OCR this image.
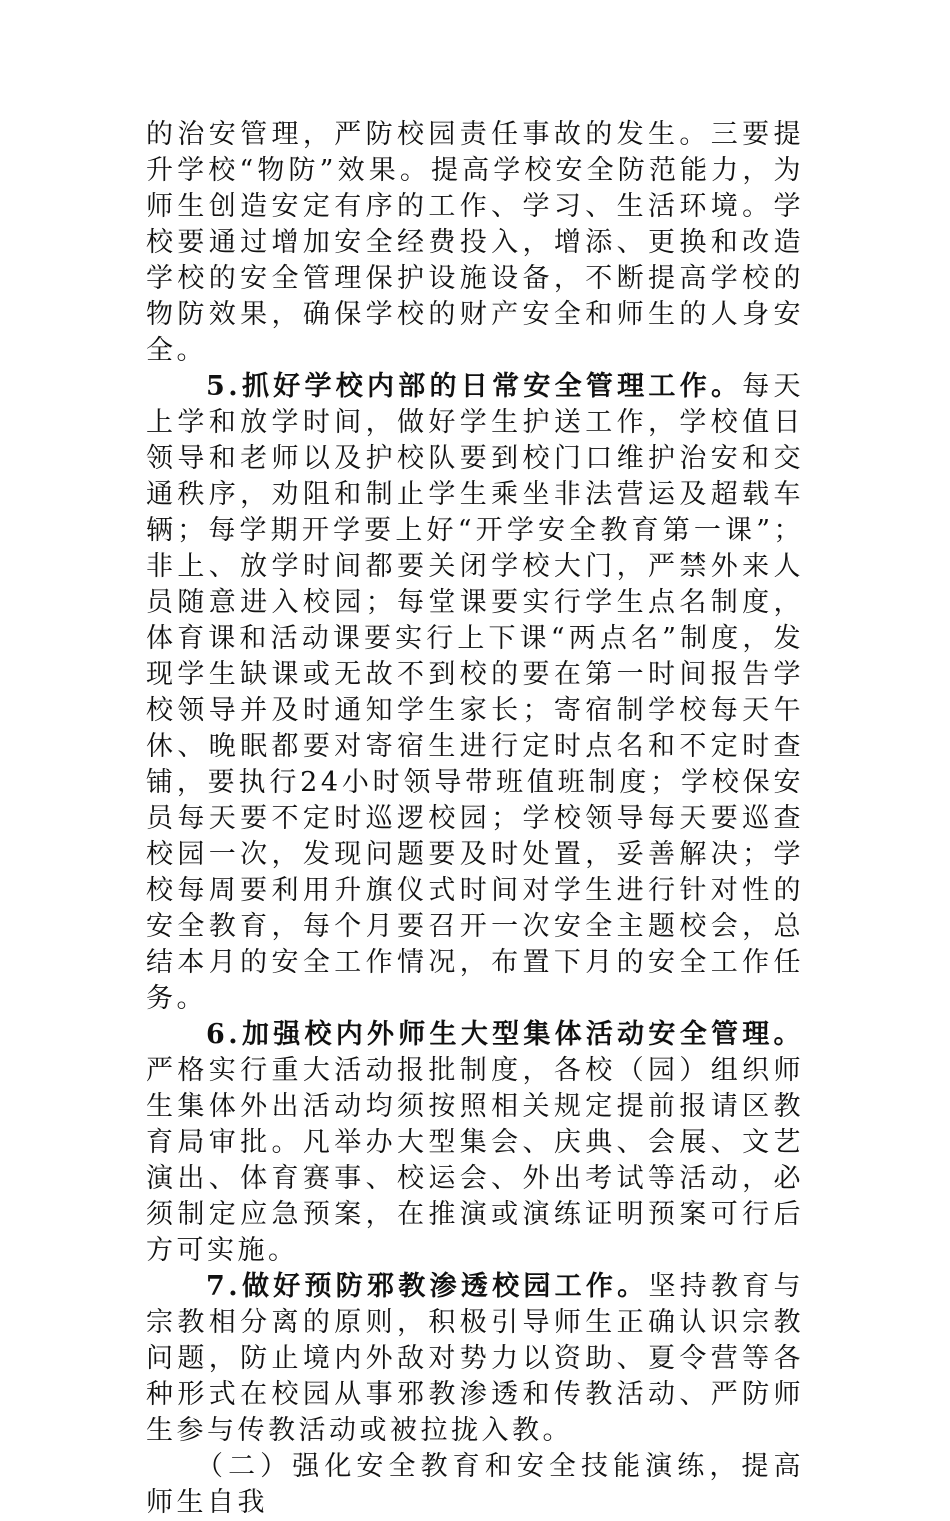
的治安管理，严防校园责任事故的发生。三要提升学校“物防”效果。提高学校安全防范能力，为师生创造安定有序的工作、学习、生活环境。学校要通过增加安全经费投入，增添、更换和改造学校的安全管理保护设施设备，不断提高学校的物防效果，确保学校的财产安全和师生的人身安全。

5.抓好学校内部的日常安全管理工作。每天上学和放学时间，做好学生护送工作，学校值日领导和老师以及护校队要到校门口维护治安和交通秩序，劝阻和制止学生乘坐非法营运及超载车辆；每学期开学要上好“开学安全教育第一课”；非上、放学时间都要关闭学校大门，严禁外来人员随意进入校园；每堂课要实行学生点名制度，体育课和活动课要实行上下课“两点名”制度，发现学生缺课或无故不到校的要在第一时间报告学校领导并及时通知学生家长；寄宿制学校每天午休、晚眠都要对寄宿生进行定时点名和不定时查铺，要执行24小时领导带班值班制度；学校保安员每天要不定时巡逻校园；学校领导每天要巡查校园一次，发现问题要及时处置，妥善解决；学校每周要利用升旗仪式时间对学生进行针对性的安全教育，每个月要召开一次安全主题校会，总结本月的安全工作情况，布置下月的安全工作任务。

6.加强校内外师生大型集体活动安全管理。严格实行重大活动报批制度，各校（园）组织师生集体外出活动均须按照相关规定提前报请区教育局审批。凡举办大型集会、庆典、会展、文艺演出、体育赛事、校运会、外出考试等活动，必须制定应急预案，在推演或演练证明预案可行后方可实施。

7.做好预防邪教渗透校园工作。坚持教育与宗教相分离的原则，积极引导师生正确认识宗教问题，防止境内外敌对势力以资助、夏令营等各种形式在校园从事邪教渗透和传教活动、严防师生参与传教活动或被拉拢入教。

（二）强化安全教育和安全技能演练，提高师生自我
